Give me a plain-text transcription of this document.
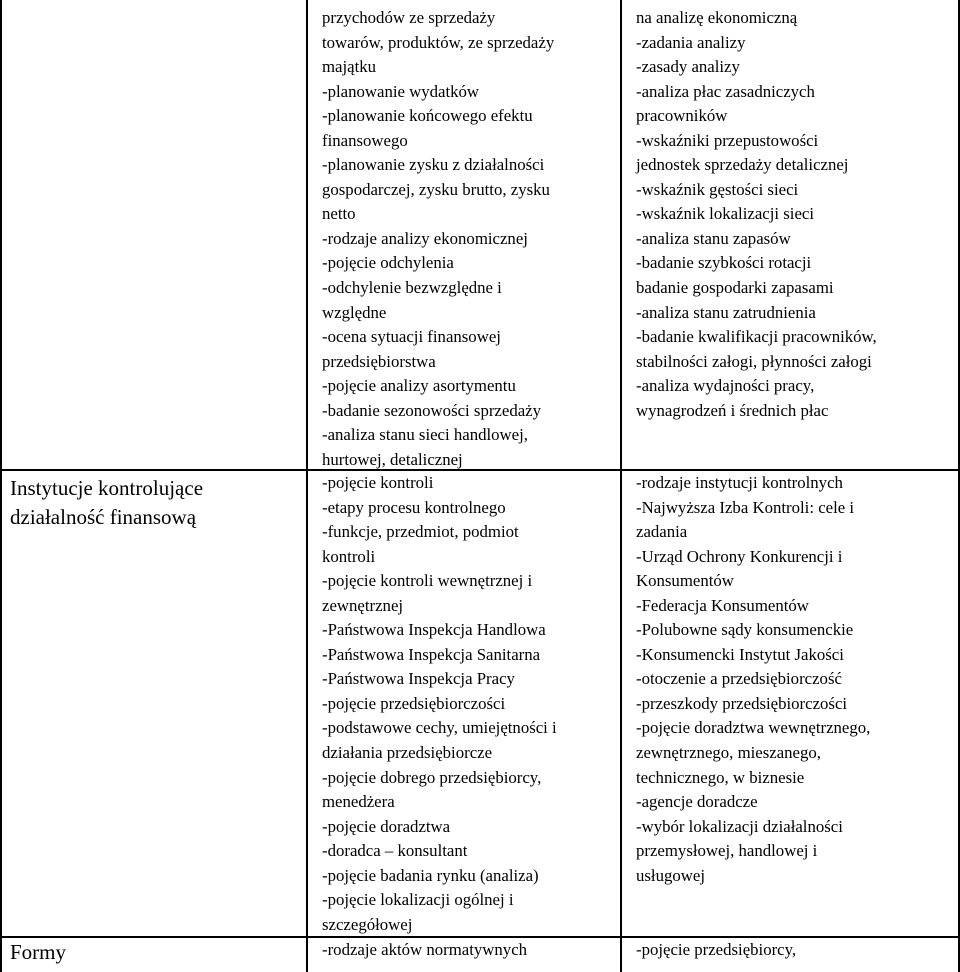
przychodów ze sprzedaży
towarów, produktów, ze sprzedaży
majątku
-planowanie wydatków
-planowanie końcowego efektu
finansowego
-planowanie zysku z działalności
gospodarczej, zysku brutto, zysku
netto
-rodzaje analizy ekonomicznej
-pojęcie odchylenia
-odchylenie bezwzględne i
względne
-ocena sytuacji finansowej
przedsiębiorstwa
-pojęcie analizy asortymentu
-badanie sezonowości sprzedaży
-analiza stanu sieci handlowej,
hurtowej, detalicznej
na analizę ekonomiczną
-zadania analizy
-zasady analizy
-analiza płac zasadniczych
pracowników
-wskaźniki przepustowości
jednostek sprzedaży detalicznej
-wskaźnik gęstości sieci
-wskaźnik lokalizacji sieci
-analiza stanu zapasów
-badanie szybkości rotacji
badanie gospodarki zapasami
-analiza stanu zatrudnienia
-badanie kwalifikacji pracowników,
stabilności załogi, płynności załogi
-analiza wydajności pracy,
wynagrodzeń i średnich płac
Instytucje kontrolujące
działalność finansową
-pojęcie kontroli
-etapy procesu kontrolnego
-funkcje, przedmiot, podmiot
kontroli
-pojęcie kontroli wewnętrznej i
zewnętrznej
-Państwowa Inspekcja Handlowa
-Państwowa Inspekcja Sanitarna
-Państwowa Inspekcja Pracy
-pojęcie przedsiębiorczości
-podstawowe cechy, umiejętności i
działania przedsiębiorcze
-pojęcie dobrego przedsiębiorcy,
menedżera
-pojęcie doradztwa
-doradca – konsultant
-pojęcie badania rynku (analiza)
-pojęcie lokalizacji ogólnej i
szczegółowej
-rodzaje instytucji kontrolnych
-Najwyższa Izba Kontroli: cele i
zadania
-Urząd Ochrony Konkurencji i
Konsumentów
-Federacja Konsumentów
-Polubowne sądy konsumenckie
-Konsumencki Instytut Jakości
-otoczenie a przedsiębiorczość
-przeszkody przedsiębiorczości
-pojęcie doradztwa wewnętrznego,
zewnętrznego, mieszanego,
technicznego, w biznesie
-agencje doradcze
-wybór lokalizacji działalności
przemysłowej, handlowej i
usługowej
Formy	-rodzaje aktów normatywnych	-pojęcie przedsiębiorcy,
